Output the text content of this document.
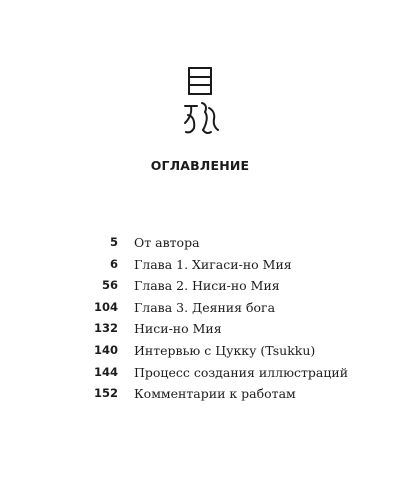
ОГЛАВЛЕНИЕ
5 От автора
6 Глава 1. Хигаси-но Мия
56 Глава 2. Ниси-но Мия
104 Глава 3. Деяния бога
132 Ниси-но Мия
140 Интервью с Цукку (Tsukku)
144 Процесс создания иллюстраций
152 Комментарии к работам
